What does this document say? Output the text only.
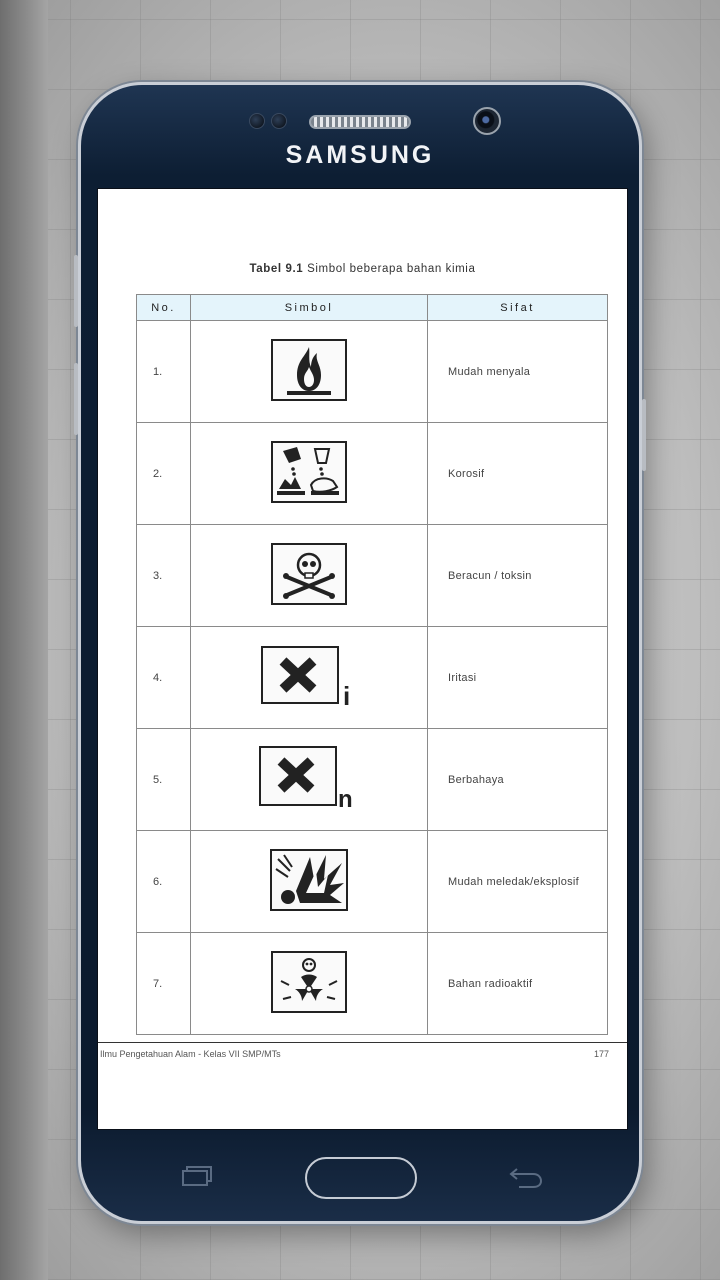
SAMSUNG
Tabel 9.1 Simbol beberapa bahan kimia
No.	Simbol	Sifat
1.		Mudah menyala
2.		Korosif
3.		Beracun / toksin
4.	i	Iritasi
5.	n	Berbahaya
6.		Mudah meledak/eksplosif
7.		Bahan radioaktif
Ilmu Pengetahuan Alam - Kelas VII SMP/MTs	177
